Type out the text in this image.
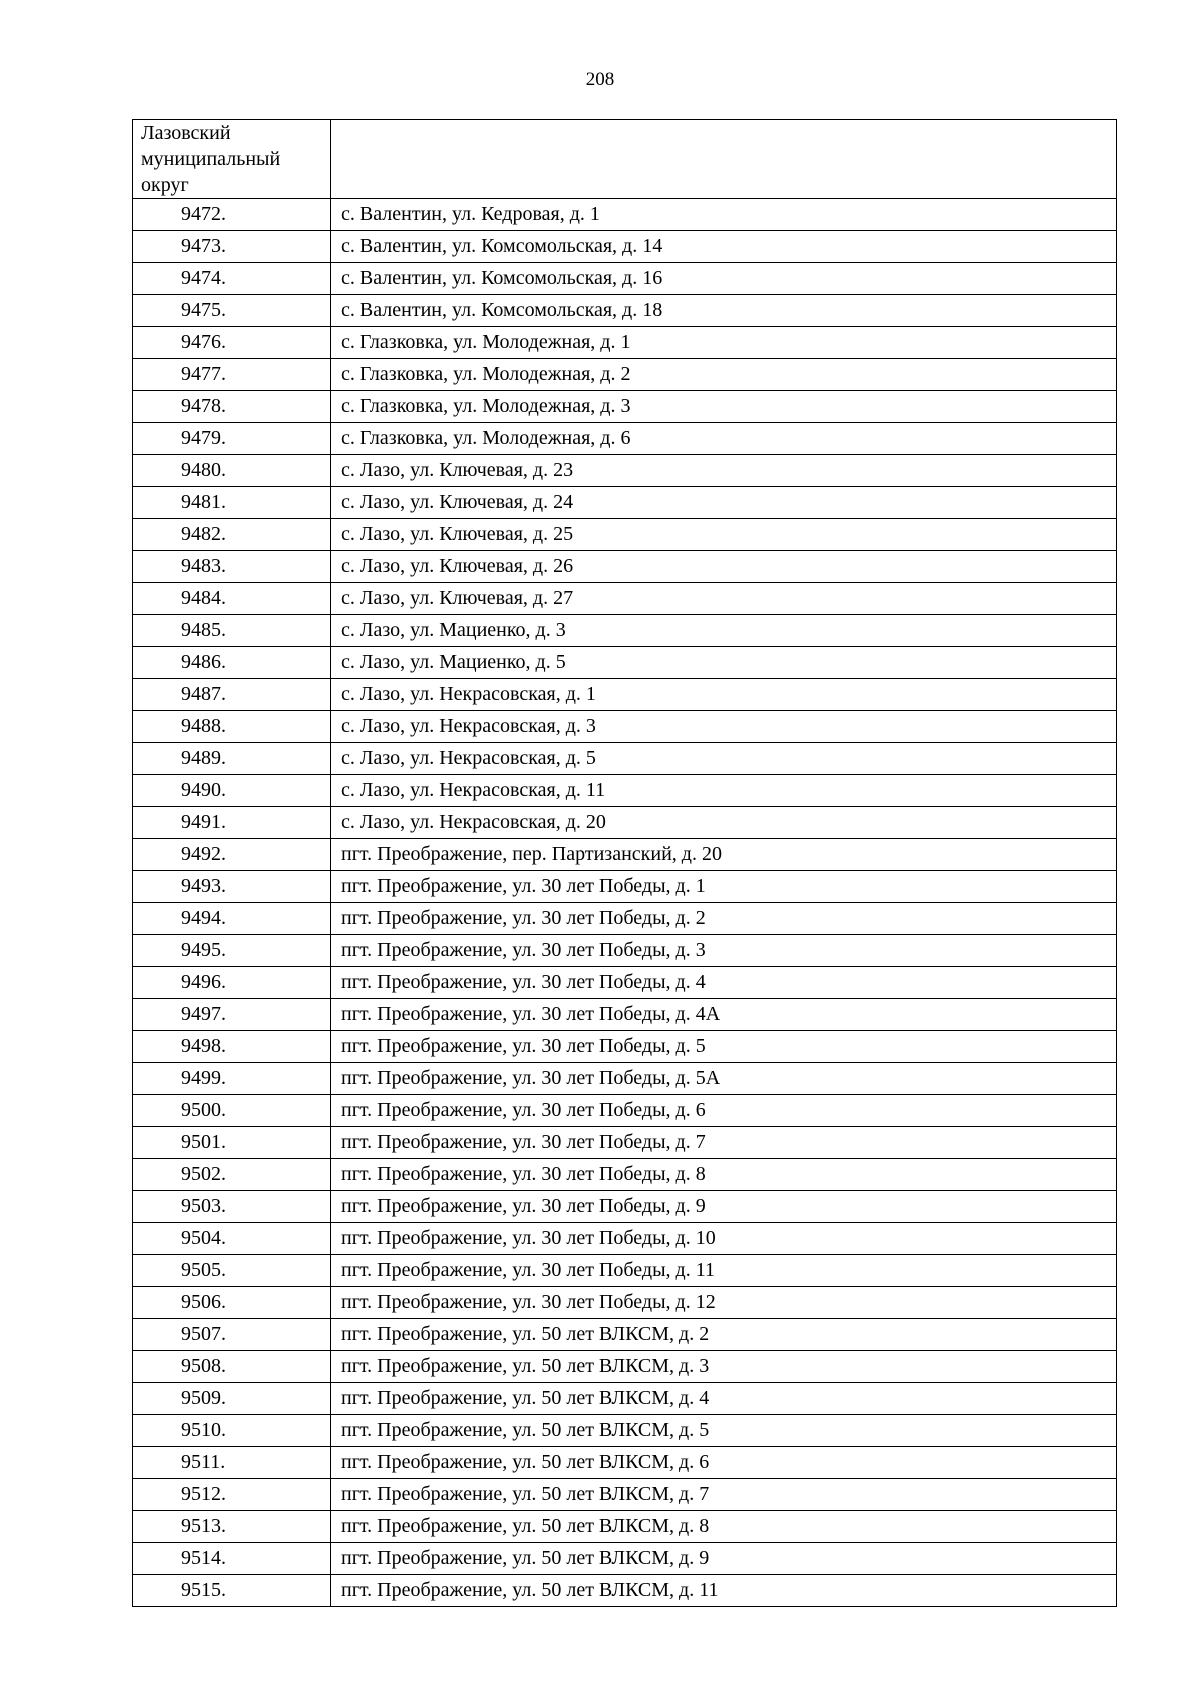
208
Лазовский муниципальный округ	
9472.	с. Валентин, ул. Кедровая, д. 1
9473.	с. Валентин, ул. Комсомольская, д. 14
9474.	с. Валентин, ул. Комсомольская, д. 16
9475.	с. Валентин, ул. Комсомольская, д. 18
9476.	с. Глазковка, ул. Молодежная, д. 1
9477.	с. Глазковка, ул. Молодежная, д. 2
9478.	с. Глазковка, ул. Молодежная, д. 3
9479.	с. Глазковка, ул. Молодежная, д. 6
9480.	с. Лазо, ул. Ключевая, д. 23
9481.	с. Лазо, ул. Ключевая, д. 24
9482.	с. Лазо, ул. Ключевая, д. 25
9483.	с. Лазо, ул. Ключевая, д. 26
9484.	с. Лазо, ул. Ключевая, д. 27
9485.	с. Лазо, ул. Мациенко, д. 3
9486.	с. Лазо, ул. Мациенко, д. 5
9487.	с. Лазо, ул. Некрасовская, д. 1
9488.	с. Лазо, ул. Некрасовская, д. 3
9489.	с. Лазо, ул. Некрасовская, д. 5
9490.	с. Лазо, ул. Некрасовская, д. 11
9491.	с. Лазо, ул. Некрасовская, д. 20
9492.	пгт. Преображение, пер. Партизанский, д. 20
9493.	пгт. Преображение, ул. 30 лет Победы, д. 1
9494.	пгт. Преображение, ул. 30 лет Победы, д. 2
9495.	пгт. Преображение, ул. 30 лет Победы, д. 3
9496.	пгт. Преображение, ул. 30 лет Победы, д. 4
9497.	пгт. Преображение, ул. 30 лет Победы, д. 4А
9498.	пгт. Преображение, ул. 30 лет Победы, д. 5
9499.	пгт. Преображение, ул. 30 лет Победы, д. 5А
9500.	пгт. Преображение, ул. 30 лет Победы, д. 6
9501.	пгт. Преображение, ул. 30 лет Победы, д. 7
9502.	пгт. Преображение, ул. 30 лет Победы, д. 8
9503.	пгт. Преображение, ул. 30 лет Победы, д. 9
9504.	пгт. Преображение, ул. 30 лет Победы, д. 10
9505.	пгт. Преображение, ул. 30 лет Победы, д. 11
9506.	пгт. Преображение, ул. 30 лет Победы, д. 12
9507.	пгт. Преображение, ул. 50 лет ВЛКСМ, д. 2
9508.	пгт. Преображение, ул. 50 лет ВЛКСМ, д. 3
9509.	пгт. Преображение, ул. 50 лет ВЛКСМ, д. 4
9510.	пгт. Преображение, ул. 50 лет ВЛКСМ, д. 5
9511.	пгт. Преображение, ул. 50 лет ВЛКСМ, д. 6
9512.	пгт. Преображение, ул. 50 лет ВЛКСМ, д. 7
9513.	пгт. Преображение, ул. 50 лет ВЛКСМ, д. 8
9514.	пгт. Преображение, ул. 50 лет ВЛКСМ, д. 9
9515.	пгт. Преображение, ул. 50 лет ВЛКСМ, д. 11
